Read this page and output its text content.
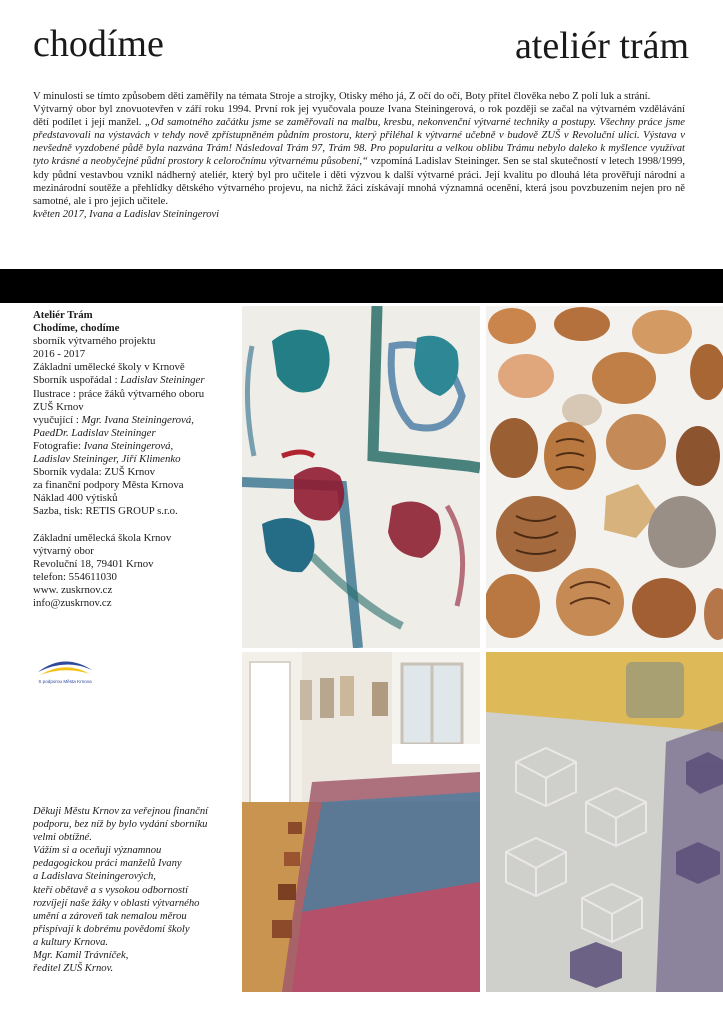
chodíme	ateliér trám

V minulosti se tímto způsobem děti zaměřily na témata Stroje a strojky, Otisky mého já, Z očí do očí, Boty přítel člověka nebo Z polí luk a strání.

Výtvarný obor byl znovuotevřen v září roku 1994. První rok jej vyučovala pouze Ivana Steiningerová, o rok později se začal na výtvarném vzdělávání dětí podílet i její manžel. „Od samotného začátku jsme se zaměřovali na malbu, kresbu, nekonvenční výtvarné techniky a postupy. Všechny práce jsme představovali na výstavách v tehdy nově zpřístupněném půdním prostoru, který přiléhal k výtvarné učebně v budově ZUŠ v Revoluční ulici. Výstava v nevšedně vyzdobené půdě byla nazvána Trám! Následoval Trám 97, Trám 98. Pro popularitu a velkou oblibu Trámu nebylo daleko k myšlence využívat tyto krásné a neobyčejné půdní prostory k celoročnímu výtvarnému působení,“ vzpomíná Ladislav Steininger. Sen se stal skutečností v letech 1998/1999, kdy půdní vestavbou vznikl nádherný ateliér, který byl pro učitele i děti výzvou k další výtvarné práci. Její kvalitu po dlouhá léta prověřují národní a mezinárodní soutěže a přehlídky dětského výtvarného projevu, na nichž žáci získávají mnohá významná ocenění, která jsou povzbuzením nejen pro ně samotné, ale i pro jejich učitele.

květen 2017, Ivana a Ladislav Steiningerovi

Ateliér Trám
Chodíme, chodíme
sborník výtvarného projektu
2016 - 2017
Základní umělecké školy v Krnově
Sborník uspořádal : Ladislav Steininger
Ilustrace : práce žáků výtvarného oboru
ZUŠ Krnov
vyučující : Mgr. Ivana Steiningerová,
PaedDr. Ladislav Steininger
Fotografie: Ivana Steiningerová,
Ladislav Steininger, Jiří Klimenko
Sborník vydala: ZUŠ Krnov
za finanční podpory Města Krnova
Náklad 400 výtisků
Sazba, tisk: RETIS GROUP s.r.o.
Základní umělecká škola Krnov
výtvarný obor
Revoluční 18, 79401 Krnov
telefon: 554611030
www. zuskrnov.cz
info@zuskrnov.cz
S podporou Města Krnova
Děkuji Městu Krnov za veřejnou finanční
podporu, bez níž by bylo vydání sborníku
velmi obtížné.
Vážím si a oceňuji významnou
pedagogickou práci manželů Ivany
a Ladislava Steiningerových,
kteří obětavě a s vysokou odborností
rozvíjejí naše žáky v oblasti výtvarného
umění a zároveň tak nemalou měrou
přispívají k dobrému povědomí školy
a kultury Krnova.
Mgr. Kamil Trávníček,
ředitel ZUŠ Krnov.
